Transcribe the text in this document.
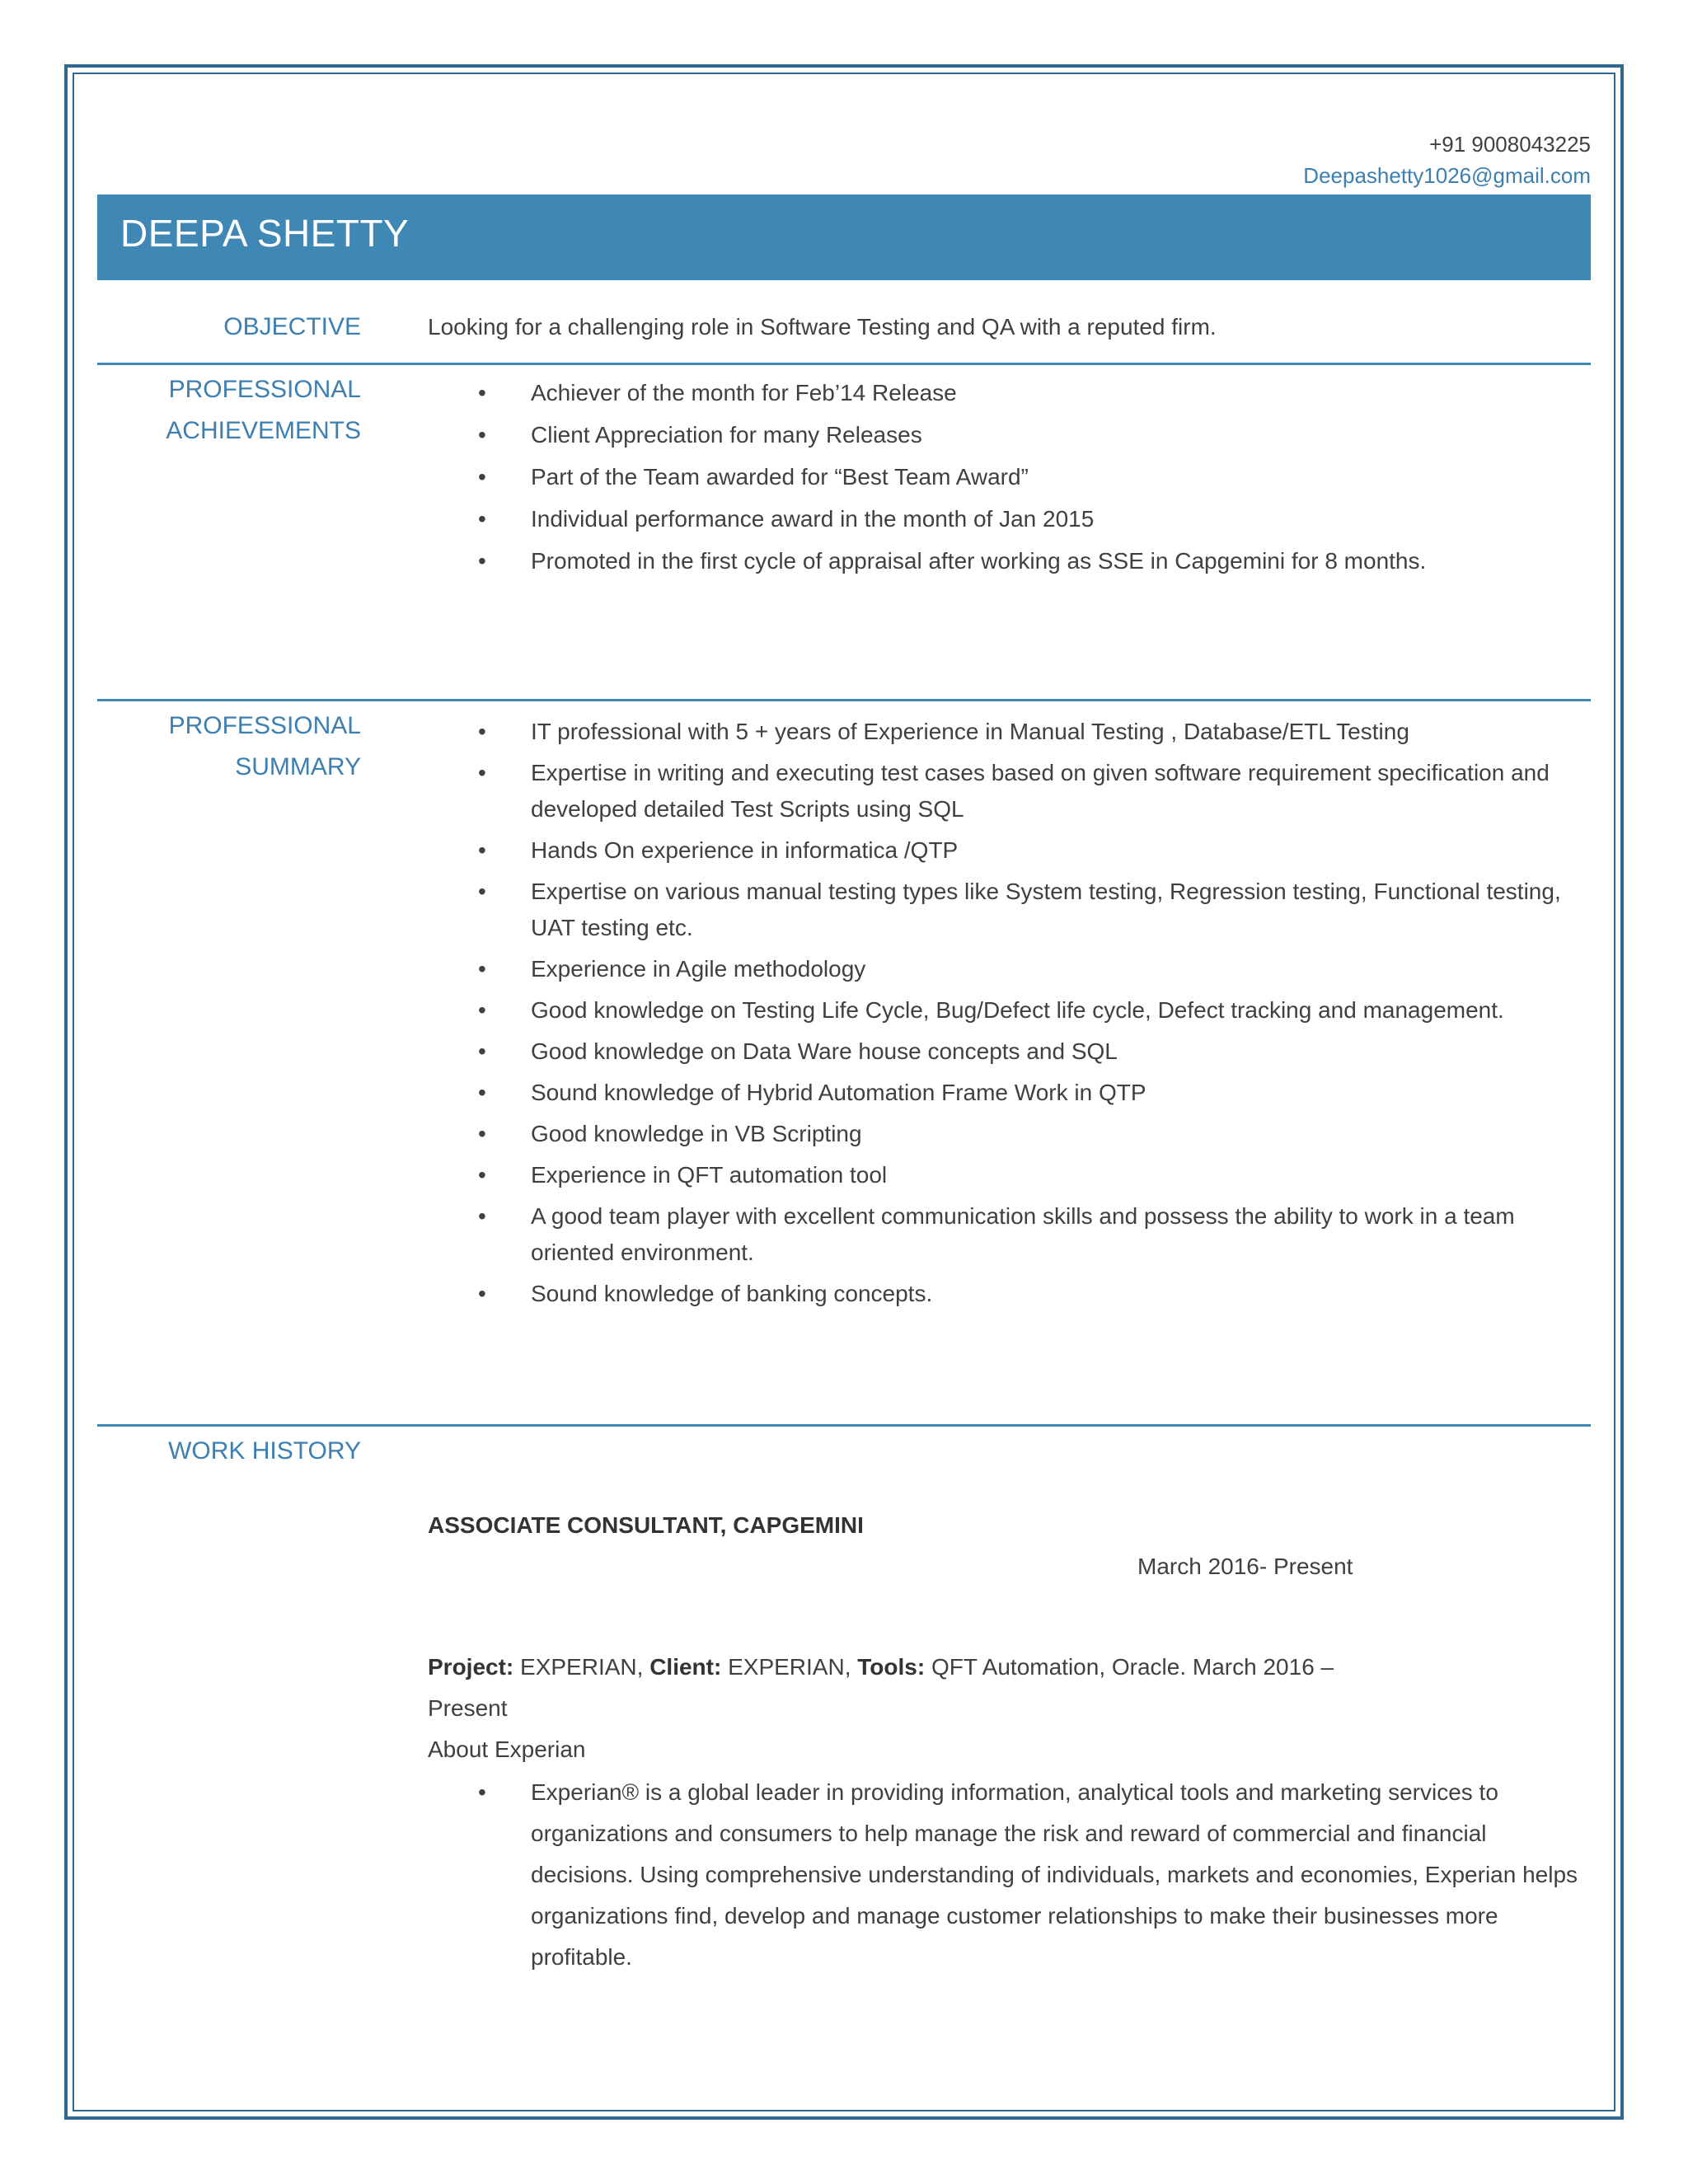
+91 9008043225
Deepashetty1026@gmail.com
DEEPA SHETTY
OBJECTIVE	Looking for a challenging role in Software Testing and QA with a reputed firm.
PROFESSIONAL
ACHIEVEMENTS
• Achiever of the month for Feb’14 Release
• Client Appreciation for many Releases
• Part of the Team awarded for “Best Team Award”
• Individual performance award in the month of Jan 2015
• Promoted in the first cycle of appraisal after working as SSE in Capgemini for 8 months.
PROFESSIONAL
SUMMARY
• IT professional with 5 + years of Experience in Manual Testing , Database/ETL Testing
• Expertise in writing and executing test cases based on given software requirement specification and developed detailed Test Scripts using SQL
• Hands On experience in informatica /QTP
• Expertise on various manual testing types like System testing, Regression testing, Functional testing, UAT testing etc.
• Experience in Agile methodology
• Good knowledge on Testing Life Cycle, Bug/Defect life cycle, Defect tracking and management.
• Good knowledge on Data Ware house concepts and SQL
• Sound knowledge of Hybrid Automation Frame Work in QTP
• Good knowledge in VB Scripting
• Experience in QFT automation tool
• A good team player with excellent communication skills and possess the ability to work in a team oriented environment.
• Sound knowledge of banking concepts.
WORK HISTORY
ASSOCIATE CONSULTANT, CAPGEMINI
March 2016- Present
Project: EXPERIAN, Client: EXPERIAN, Tools: QFT Automation, Oracle. March 2016 –
Present
About Experian
• Experian® is a global leader in providing information, analytical tools and marketing services to organizations and consumers to help manage the risk and reward of commercial and financial decisions. Using comprehensive understanding of individuals, markets and economies, Experian helps organizations find, develop and manage customer relationships to make their businesses more profitable.
